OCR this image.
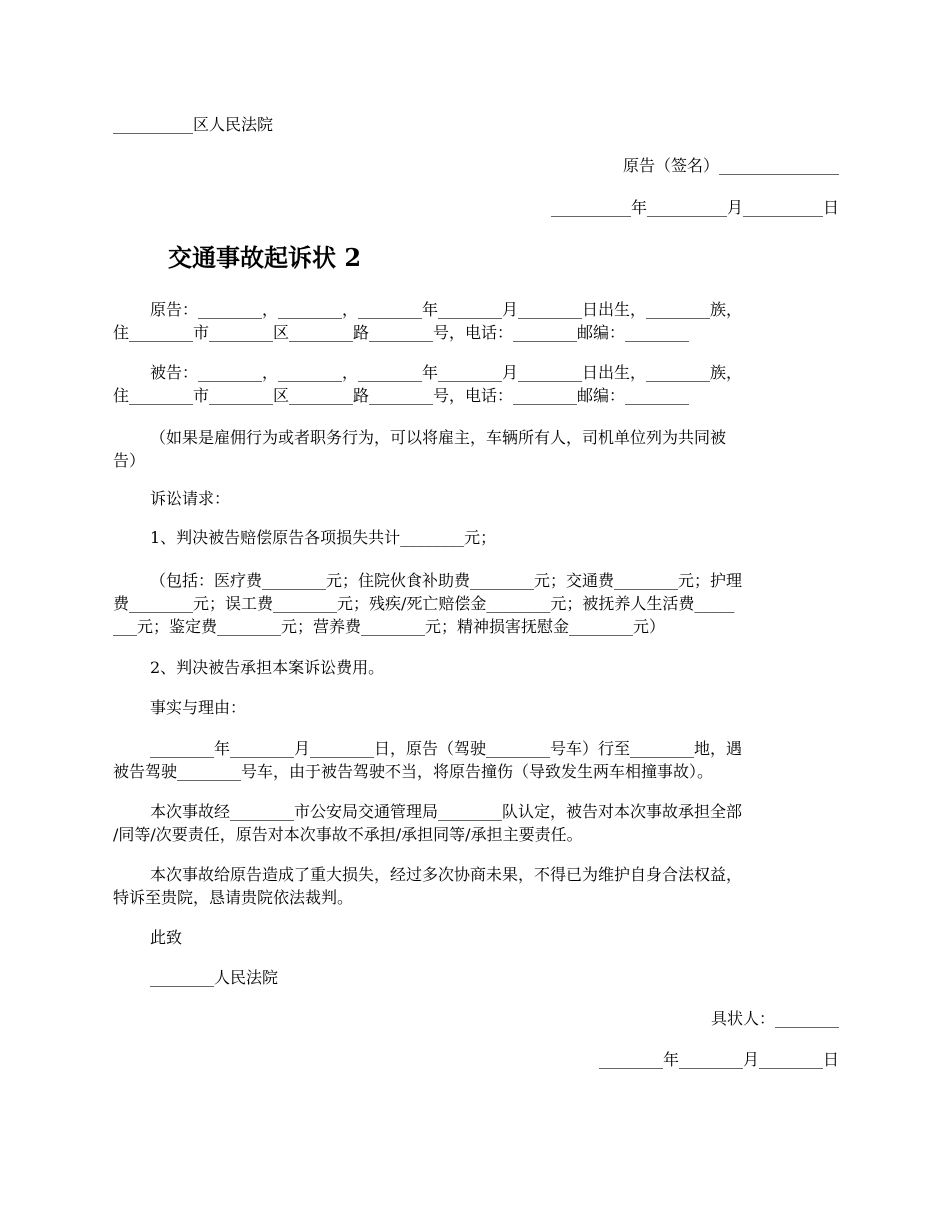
__________区人民法院
原告（签名）_______________
__________年__________月__________日
交通事故起诉状 2
原告：________，________，________年________月________日出生，________族，
住________市________区________路________号，电话：________邮编：________
被告：________，________，________年________月________日出生，________族，
住________市________区________路________号，电话：________邮编：________
（如果是雇佣行为或者职务行为，可以将雇主，车辆所有人，司机单位列为共同被
告）
诉讼请求：
1、判决被告赔偿原告各项损失共计________元；
（包括：医疗费________元；住院伙食补助费________元；交通费________元；护理
费________元；误工费________元；残疾/死亡赔偿金________元；被抚养人生活费_____
___元；鉴定费________元；营养费________元；精神损害抚慰金________元）
2、判决被告承担本案诉讼费用。
事实与理由：
________年________月________日，原告（驾驶________号车）行至________地，遇
被告驾驶________号车，由于被告驾驶不当，将原告撞伤（导致发生两车相撞事故）。
本次事故经________市公安局交通管理局________队认定，被告对本次事故承担全部
/同等/次要责任，原告对本次事故不承担/承担同等/承担主要责任。
本次事故给原告造成了重大损失，经过多次协商未果，不得已为维护自身合法权益，
特诉至贵院，恳请贵院依法裁判。
此致
________人民法院
具状人：________
________年________月________日
